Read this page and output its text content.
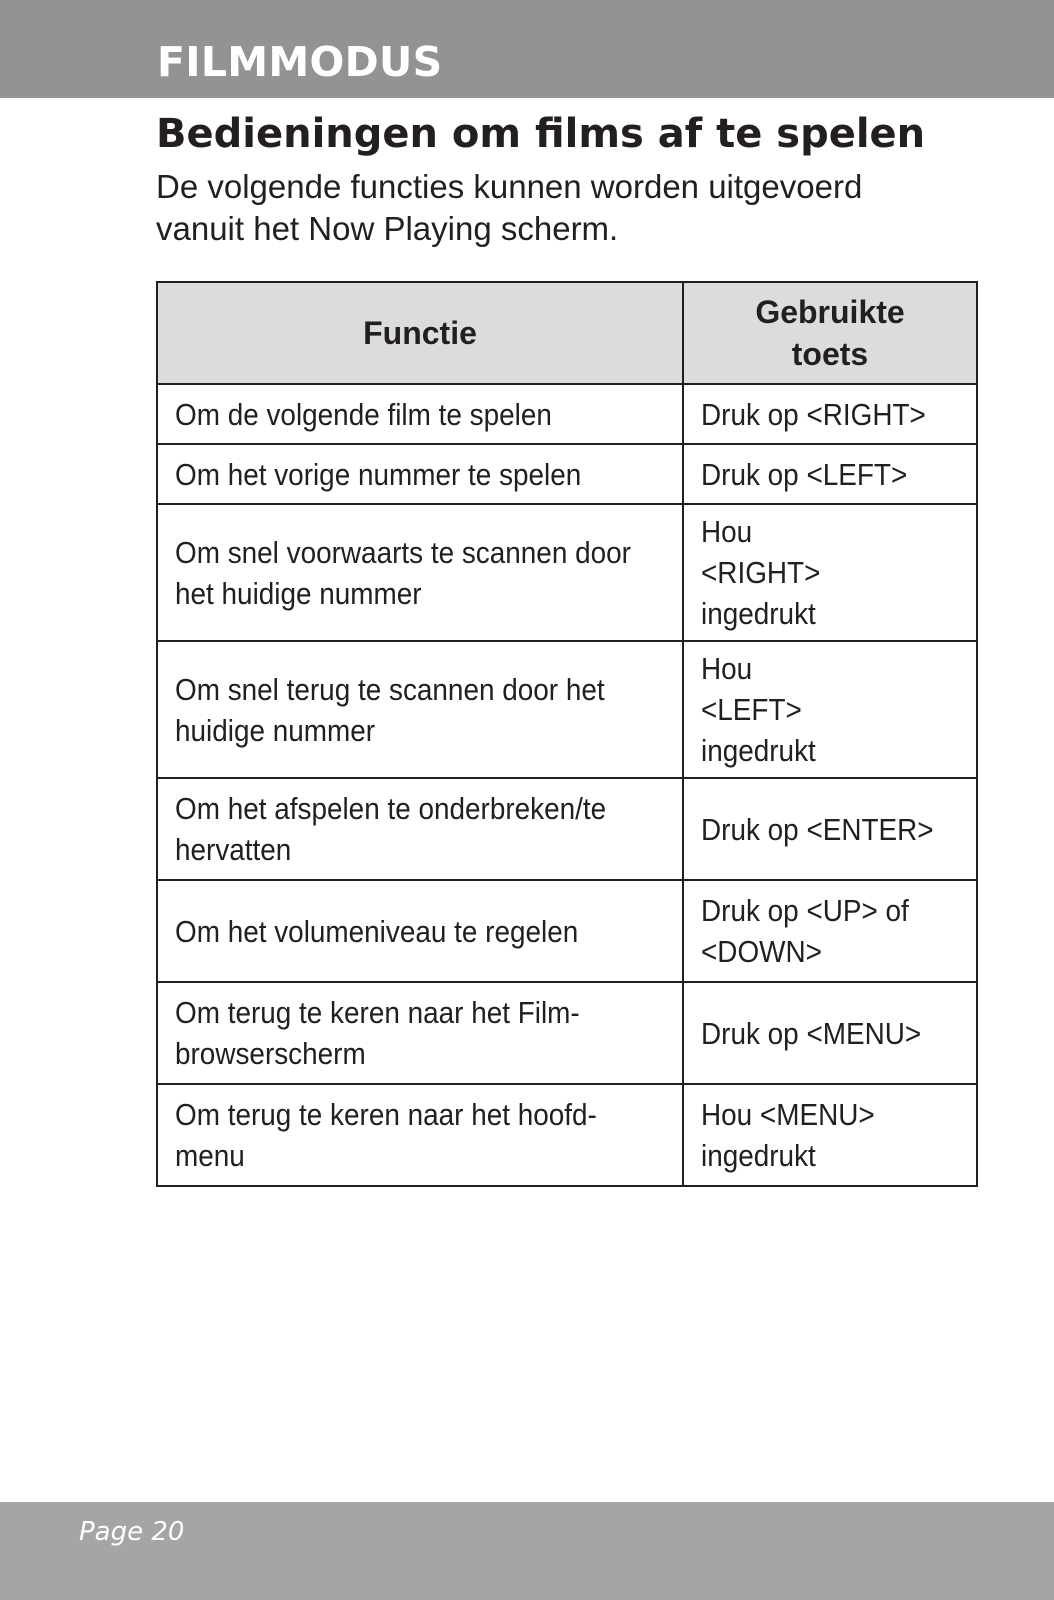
FILMMODUS
Bedieningen om films af te spelen

De volgende functies kunnen worden uitgevoerd vanuit het Now Playing scherm.

Functie	Gebruikte toets
Om de volgende film te spelen	Druk op <RIGHT>
Om het vorige nummer te spelen	Druk op <LEFT>
Om snel voorwaarts te scannen door het huidige nummer	Hou <RIGHT> ingedrukt
Om snel terug te scannen door het huidige nummer	Hou <LEFT> ingedrukt
Om het afspelen te onderbreken/te hervatten	Druk op <ENTER>
Om het volumeniveau te regelen	Druk op <UP> of <DOWN>
Om terug te keren naar het Film-browserscherm	Druk op <MENU>
Om terug te keren naar het hoofd-menu	Hou <MENU> ingedrukt

Page 20
